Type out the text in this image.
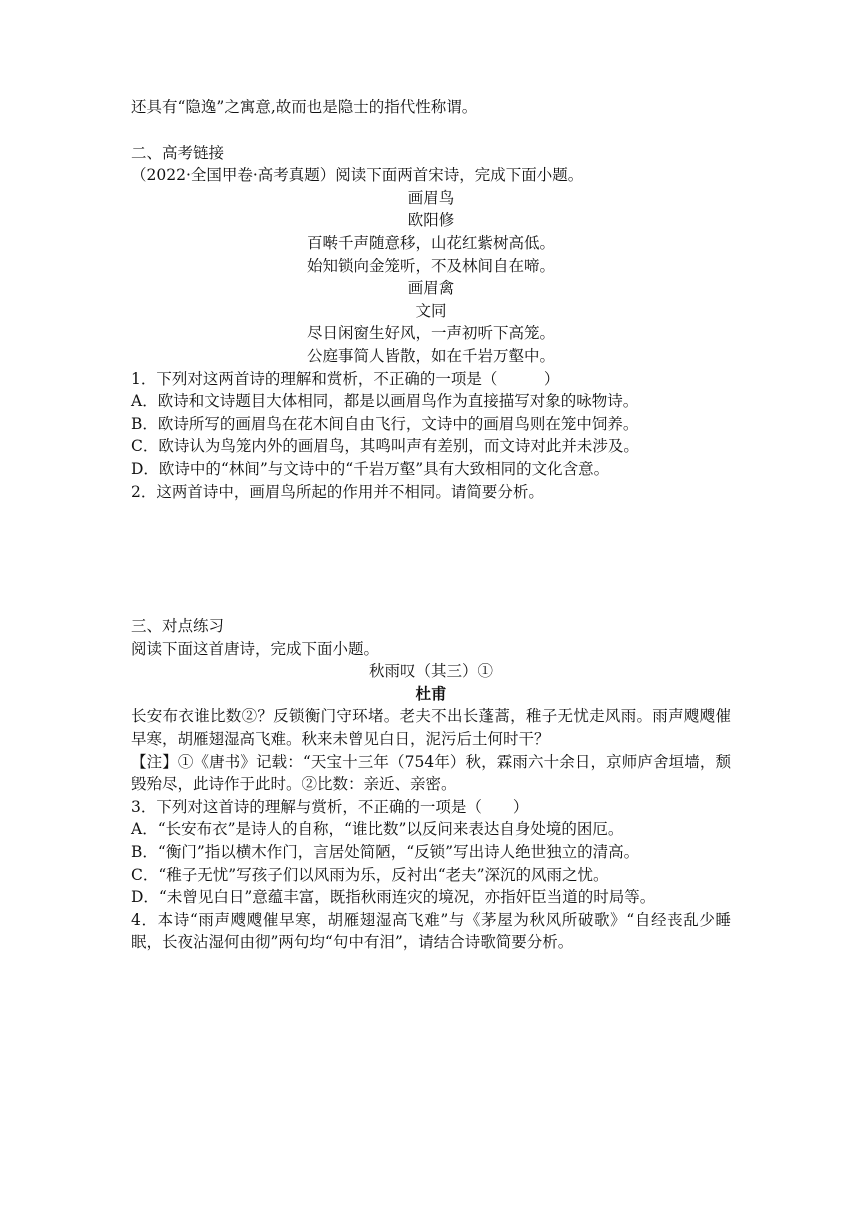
还具有“隐逸”之寓意,故而也是隐士的指代性称谓。
二、高考链接
（2022·全国甲卷·高考真题）阅读下面两首宋诗，完成下面小题。
画眉鸟
欧阳修
百啭千声随意移，山花红紫树高低。
始知锁向金笼听，不及林间自在啼。
画眉禽
文同
尽日闲窗生好风，一声初听下高笼。
公庭事简人皆散，如在千岩万壑中。
1．下列对这两首诗的理解和赏析，不正确的一项是（　　　）
A．欧诗和文诗题目大体相同，都是以画眉鸟作为直接描写对象的咏物诗。
B．欧诗所写的画眉鸟在花木间自由飞行，文诗中的画眉鸟则在笼中饲养。
C．欧诗认为鸟笼内外的画眉鸟，其鸣叫声有差别，而文诗对此并未涉及。
D．欧诗中的“林间”与文诗中的“千岩万壑”具有大致相同的文化含意。
2．这两首诗中，画眉鸟所起的作用并不相同。请简要分析。
三、对点练习
阅读下面这首唐诗，完成下面小题。
秋雨叹（其三）①
杜甫
长安布衣谁比数②？反锁衡门守环堵。老夫不出长蓬蒿，稚子无忧走风雨。雨声飕飕催早寒，胡雁翅湿高飞难。秋来未曾见白日，泥污后土何时干？
【注】①《唐书》记载：“天宝十三年（754年）秋，霖雨六十余日，京师庐舍垣墙，颓毁殆尽，此诗作于此时。②比数：亲近、亲密。
3．下列对这首诗的理解与赏析，不正确的一项是（　　）
A．“长安布衣”是诗人的自称，“谁比数”以反问来表达自身处境的困厄。
B．“衡门”指以横木作门，言居处简陋，“反锁”写出诗人绝世独立的清高。
C．“稚子无忧”写孩子们以风雨为乐，反衬出“老夫”深沉的风雨之忧。
D．“未曾见白日”意蕴丰富，既指秋雨连灾的境况，亦指奸臣当道的时局等。
4．本诗“雨声飕飕催早寒，胡雁翅湿高飞难”与《茅屋为秋风所破歌》“自经丧乱少睡眠，长夜沾湿何由彻”两句均“句中有泪”，请结合诗歌简要分析。
